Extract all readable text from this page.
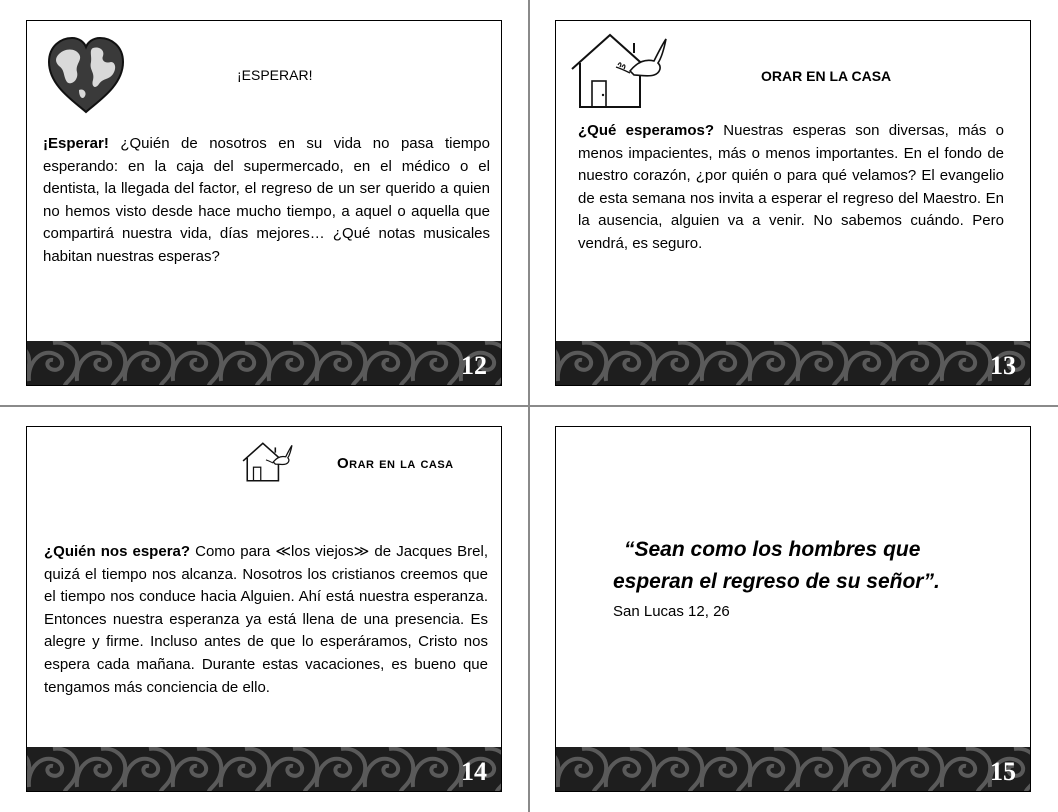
¡ESPERAR!
¡Esperar! ¿Quién de nosotros en su vida no pasa tiempo esperando: en la caja del supermercado, en el médico o el dentista, la llegada del factor, el regreso de un ser querido a quien no hemos visto desde hace mucho tiempo, a aquel o aquella que compartirá nuestra vida, días mejores… ¿Qué notas musicales habitan nuestras esperas?
12
ORAR EN LA CASA
¿Qué esperamos? Nuestras esperas son diversas, más o menos impacientes, más o menos importantes. En el fondo de nuestro corazón, ¿por quién o para qué velamos? El evangelio de esta semana nos invita a esperar el regreso del Maestro. En la ausencia, alguien va a venir. No sabemos cuándo. Pero vendrá, es seguro.
13
Orar en la casa
¿Quién nos espera? Como para ≪los viejos≫ de Jacques Brel, quizá el tiempo nos alcanza. Nosotros los cristianos creemos que el tiempo nos conduce hacia Alguien. Ahí está nuestra esperanza. Entonces nuestra esperanza ya está llena de una presencia. Es alegre y firme. Incluso antes de que lo esperáramos, Cristo nos espera cada mañana. Durante estas vacaciones, es bueno que tengamos más conciencia de ello.
14
“Sean como los hombres que
esperan el regreso de su señor”.
San Lucas 12, 26
15
